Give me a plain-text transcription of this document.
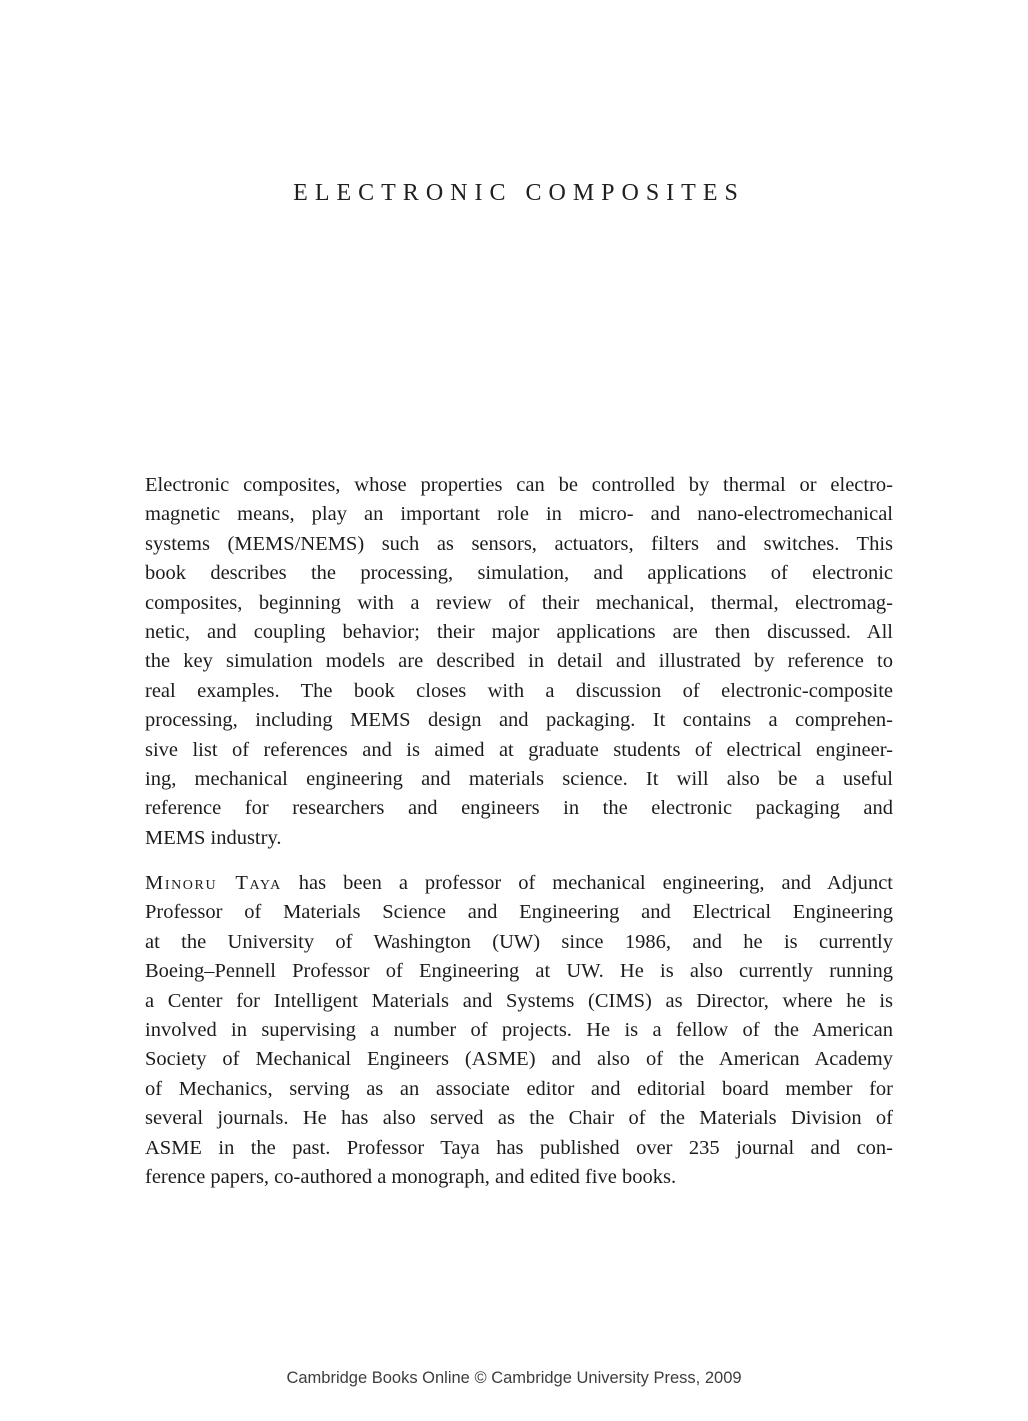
ELECTRONIC COMPOSITES
Electronic composites, whose properties can be controlled by thermal or electro-
magnetic means, play an important role in micro- and nano-electromechanical
systems (MEMS/NEMS) such as sensors, actuators, filters and switches. This
book describes the processing, simulation, and applications of electronic
composites, beginning with a review of their mechanical, thermal, electromag-
netic, and coupling behavior; their major applications are then discussed. All
the key simulation models are described in detail and illustrated by reference to
real examples. The book closes with a discussion of electronic-composite
processing, including MEMS design and packaging. It contains a comprehen-
sive list of references and is aimed at graduate students of electrical engineer-
ing, mechanical engineering and materials science. It will also be a useful
reference for researchers and engineers in the electronic packaging and
MEMS industry.
Minoru Taya has been a professor of mechanical engineering, and Adjunct
Professor of Materials Science and Engineering and Electrical Engineering
at the University of Washington (UW) since 1986, and he is currently
Boeing–Pennell Professor of Engineering at UW. He is also currently running
a Center for Intelligent Materials and Systems (CIMS) as Director, where he is
involved in supervising a number of projects. He is a fellow of the American
Society of Mechanical Engineers (ASME) and also of the American Academy
of Mechanics, serving as an associate editor and editorial board member for
several journals. He has also served as the Chair of the Materials Division of
ASME in the past. Professor Taya has published over 235 journal and con-
ference papers, co-authored a monograph, and edited five books.
Cambridge Books Online © Cambridge University Press, 2009
